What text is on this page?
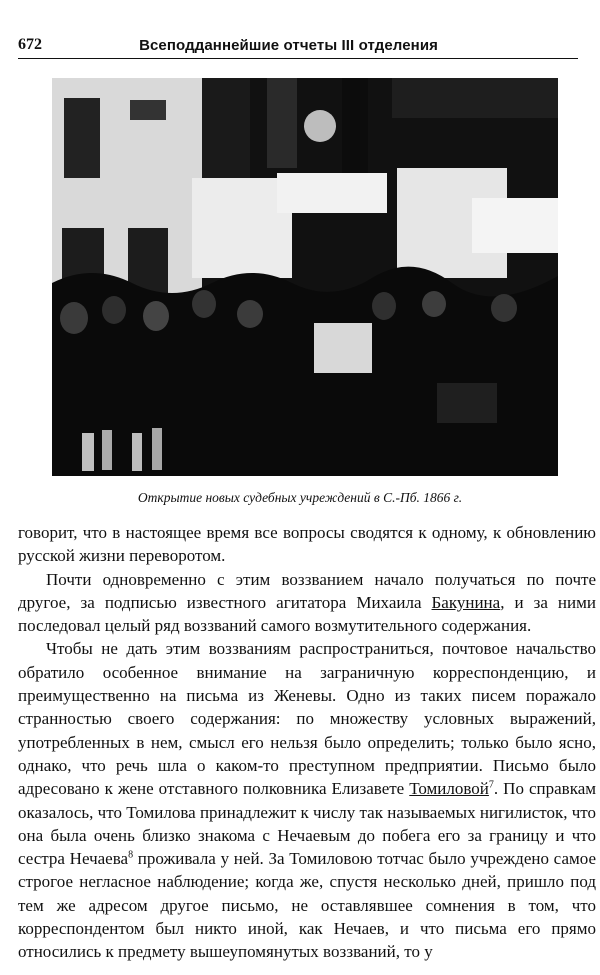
672	Всеподданнейшие отчеты III отделения
Открытие новых судебных учреждений в С.-Пб. 1866 г.

говорит, что в настоящее время все вопросы сводятся к одному, к обновлению русской жизни переворотом.

Почти одновременно с этим воззванием начало получаться по почте другое, за подписью известного агитатора Михаила Бакунина, и за ними последовал целый ряд воззваний самого возмутительного содержания.

Чтобы не дать этим воззваниям распространиться, почтовое начальство обратило особенное внимание на заграничную корреспонденцию, и преимущественно на письма из Женевы. Одно из таких писем поражало странностью своего содержания: по множеству условных выражений, употребленных в нем, смысл его нельзя было определить; только было ясно, однако, что речь шла о каком-то преступном предприятии. Письмо было адресовано к жене отставного полковника Елизавете Томиловой$^7$. По справкам оказалось, что Томилова принадлежит к числу так называемых нигилисток, что она была очень близко знакома с Нечаевым до побега его за границу и что сестра Нечаева$^8$ проживала у ней. За Томиловою тотчас было учреждено самое строгое негласное наблюдение; когда же, спустя несколько дней, пришло под тем же адресом другое письмо, не оставлявшее сомнения в том, что корреспондентом был никто иной, как Нечаев, и что письма его прямо относились к предмету вышеупомянутых воззваний, то у
